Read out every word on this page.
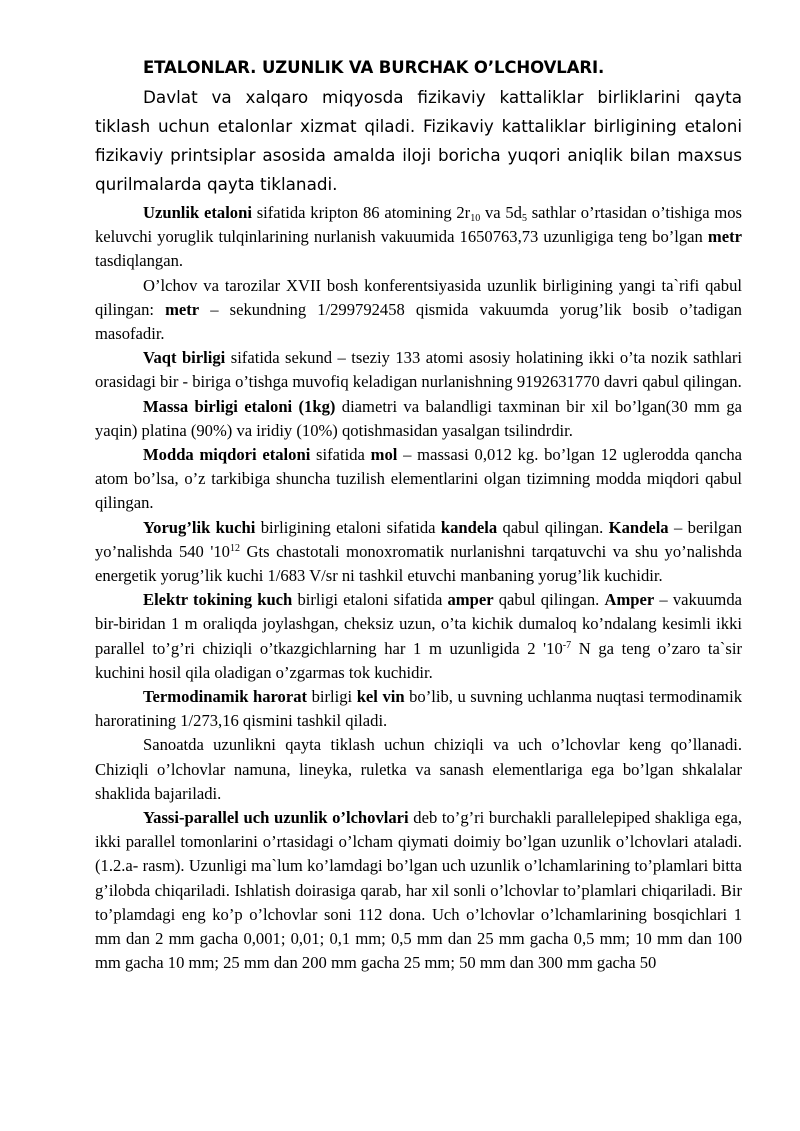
ETALONLAR. UZUNLIK VA BURCHAK O’LCHOVLARI.

Davlat va xalqaro miqyosda fizikaviy kattaliklar birliklarini qayta tiklash uchun etalonlar xizmat qiladi. Fizikaviy kattaliklar birligining etaloni fizikaviy printsiplar asosida amalda iloji boricha yuqori aniqlik bilan maxsus qurilmalarda qayta tiklanadi.

Uzunlik etaloni sifatida kripton 86 atomining $2r_{10}$ va $5d_5$ sathlar o’rtasidan o’tishiga mos keluvchi yoruglik tulqinlarining nurlanish vakuumida 1650763,73 uzunligiga teng bo’lgan metr tasdiqlangan.

O’lchov va tarozilar XVII bosh konferentsiyasida uzunlik birligining yangi ta`rifi qabul qilingan: metr – sekundning 1/299792458 qismida vakuumda yorug’lik bosib o’tadigan masofadir.

Vaqt birligi sifatida sekund – tseziy 133 atomi asosiy holatining ikki o’ta nozik sathlari orasidagi bir - biriga o’tishga muvofiq keladigan nurlanishning 9192631770 davri qabul qilingan.

Massa birligi etaloni (1kg) diametri va balandligi taxminan bir xil bo’lgan(30 mm ga yaqin) platina (90%) va iridiy (10%) qotishmasidan yasalgan tsilindrdir.

Modda miqdori etaloni sifatida mol – massasi 0,012 kg. bo’lgan 12 uglerodda qancha atom bo’lsa, o’z tarkibiga shuncha tuzilish elementlarini olgan tizimning modda miqdori qabul qilingan.

Yorug’lik kuchi birligining etaloni sifatida kandela qabul qilingan. Kandela – berilgan yo’nalishda 540 '$10^{12}$ Gts chastotali monoxromatik nurlanishni tarqatuvchi va shu yo’nalishda energetik yorug’lik kuchi 1/683 V/sr ni tashkil etuvchi manbaning yorug’lik kuchidir.

Elektr tokining kuch birligi etaloni sifatida amper qabul qilingan. Amper – vakuumda bir-biridan 1 m oraliqda joylashgan, cheksiz uzun, o’ta kichik dumaloq ko’ndalang kesimli ikki parallel to’g’ri chiziqli o’tkazgichlarning har 1 m uzunligida 2 '$10^{-7}$ N ga teng o’zaro ta`sir kuchini hosil qila oladigan o’zgarmas tok kuchidir.

Termodinamik harorat birligi kel vin bo’lib, u suvning uchlanma nuqtasi termodinamik haroratining 1/273,16 qismini tashkil qiladi.

Sanoatda uzunlikni qayta tiklash uchun chiziqli va uch o’lchovlar keng qo’llanadi. Chiziqli o’lchovlar namuna, lineyka, ruletka va sanash elementlariga ega bo’lgan shkalalar shaklida bajariladi.

Yassi-parallel uch uzunlik o’lchovlari deb to’g’ri burchakli parallelepiped shakliga ega, ikki parallel tomonlarini o’rtasidagi o’lcham qiymati doimiy bo’lgan uzunlik o’lchovlari ataladi. (1.2.a- rasm). Uzunligi ma`lum ko’lamdagi bo’lgan uch uzunlik o’lchamlarining to’plamlari bitta g’ilobda chiqariladi. Ishlatish doirasiga qarab, har xil sonli o’lchovlar to’plamlari chiqariladi. Bir to’plamdagi eng ko’p o’lchovlar soni 112 dona. Uch o’lchovlar o’lchamlarining bosqichlari 1 mm dan 2 mm gacha 0,001; 0,01; 0,1 mm; 0,5 mm dan 25 mm gacha 0,5 mm; 10 mm dan 100 mm gacha 10 mm; 25 mm dan 200 mm gacha 25 mm; 50 mm dan 300 mm gacha 50
